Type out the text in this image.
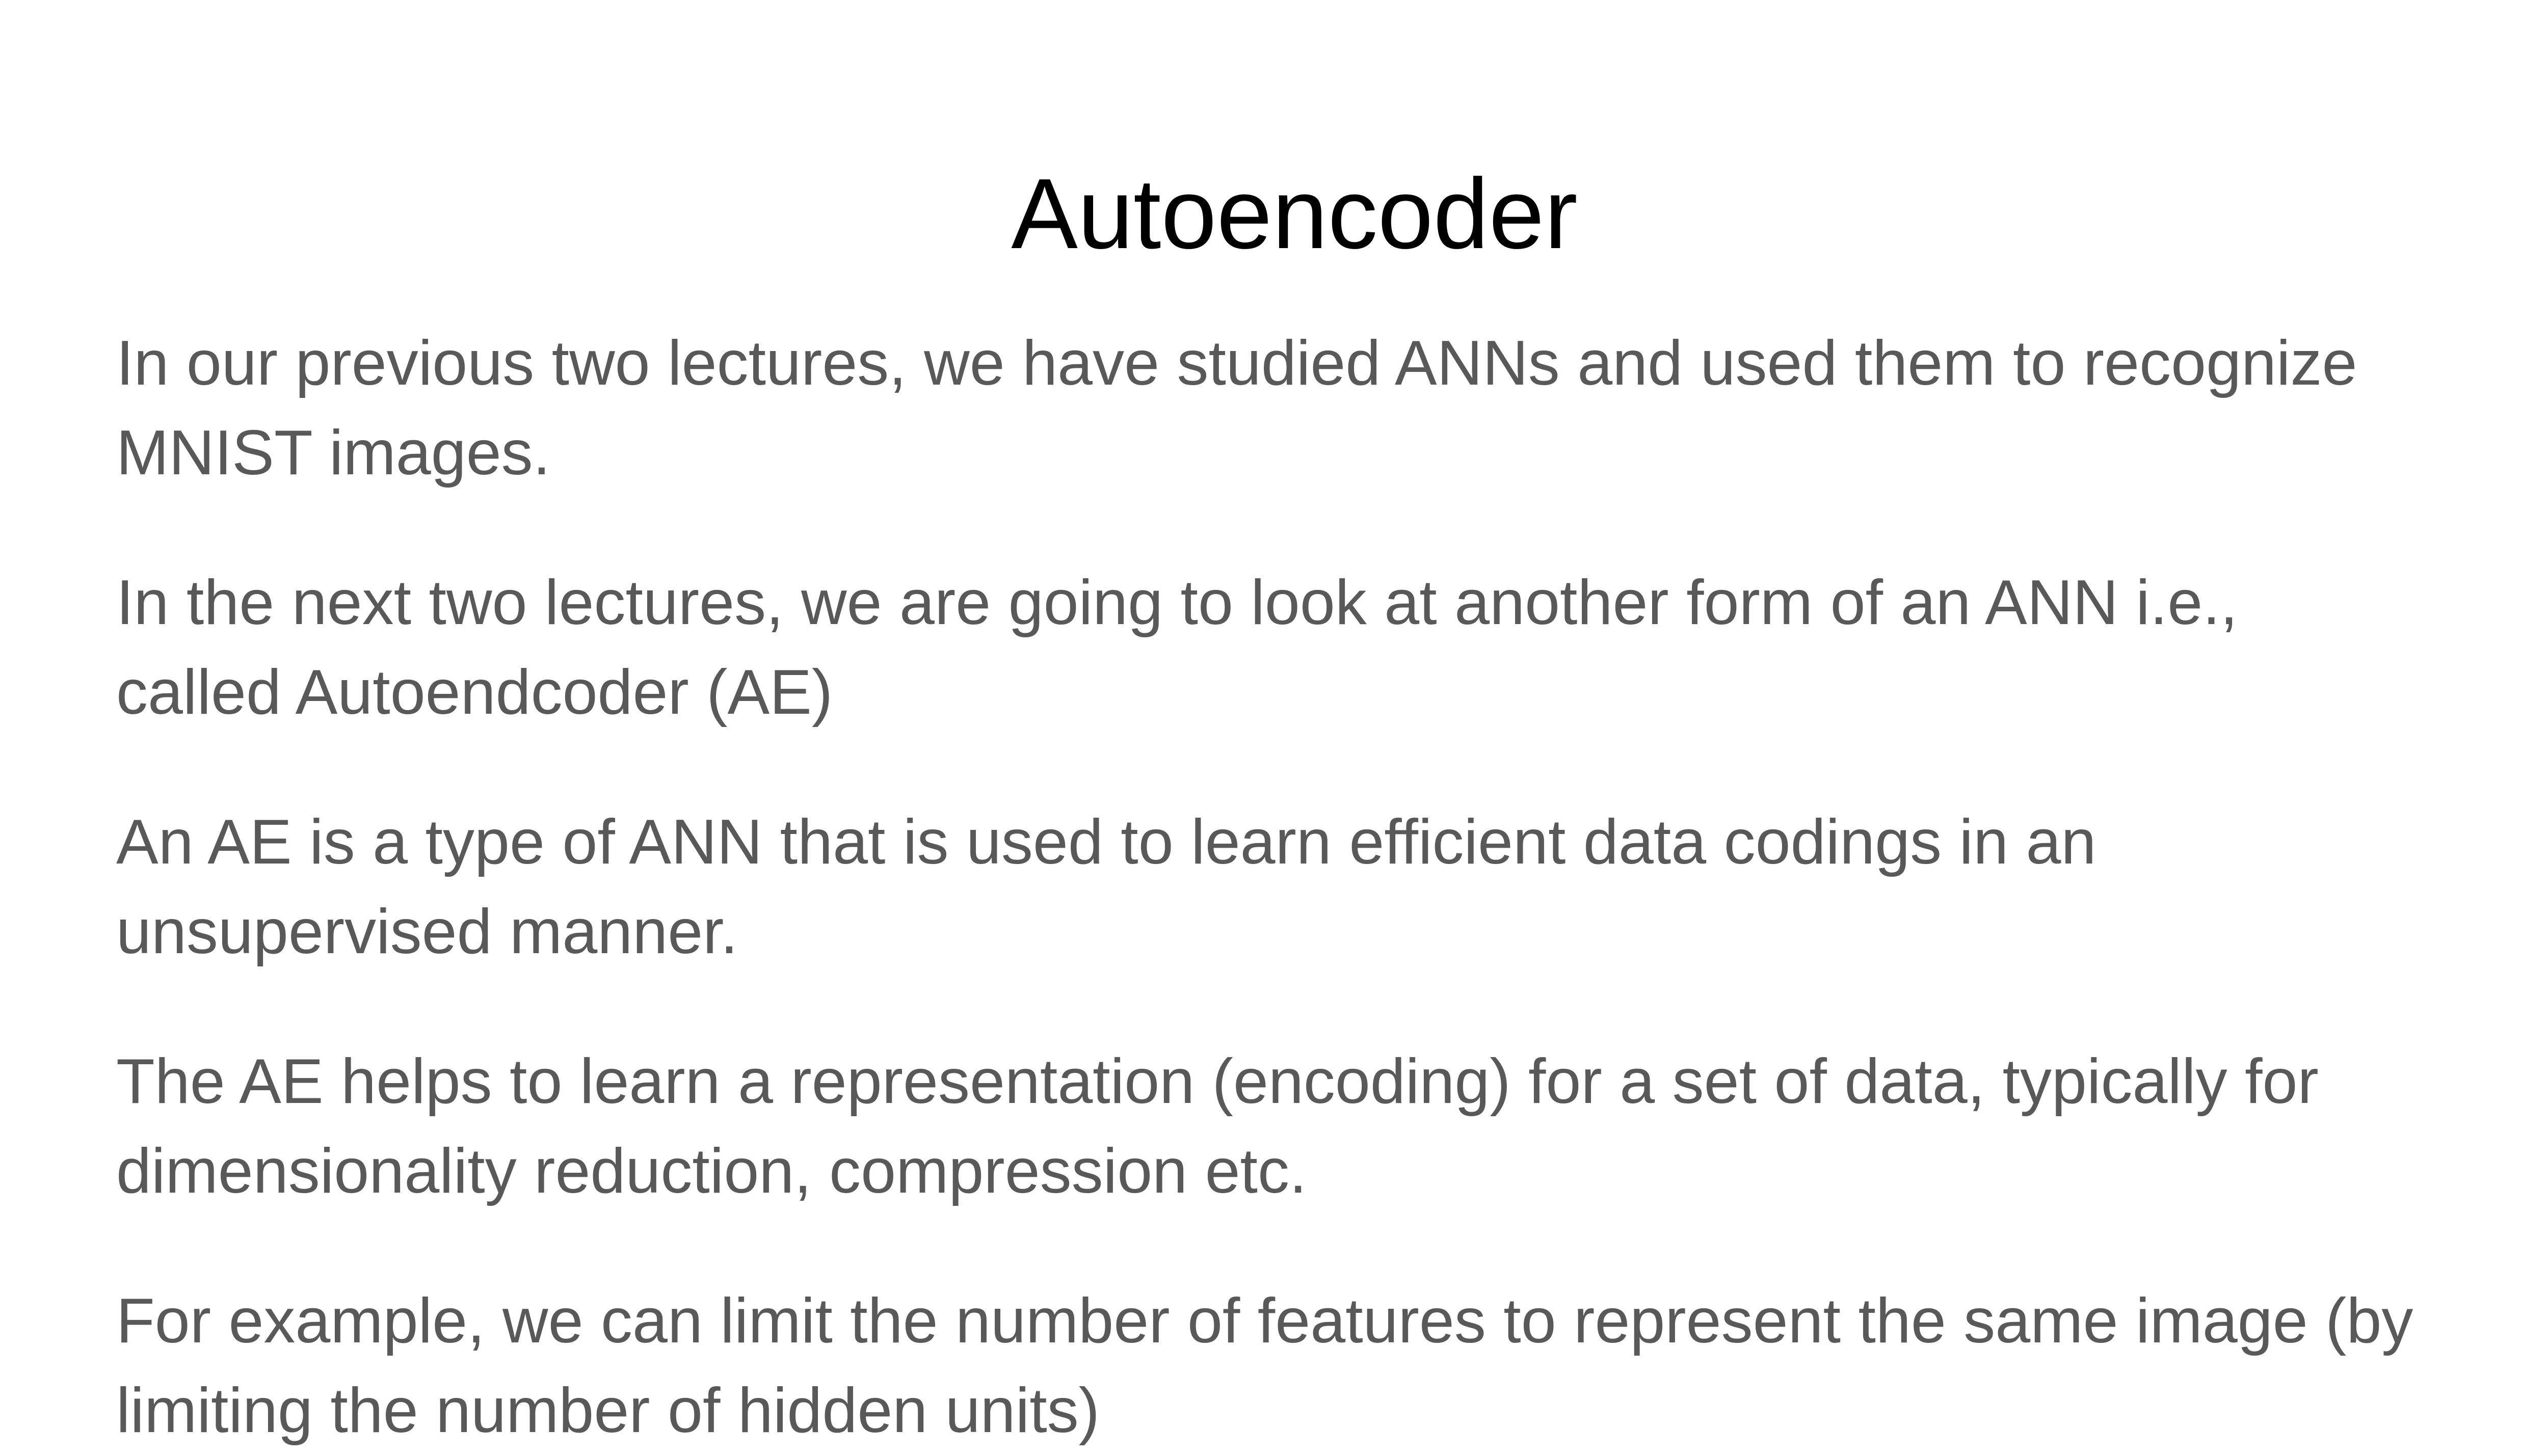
Autoencoder

In our previous two lectures, we have studied ANNs and used them to recognize
MNIST images.

In the next two lectures, we are going to look at another form of an ANN i.e.,
called Autoendcoder (AE)

An AE is a type of ANN that is used to learn efficient data codings in an
unsupervised manner.

The AE helps to learn a representation (encoding) for a set of data, typically for
dimensionality reduction, compression etc.

For example, we can limit the number of features to represent the same image (by
limiting the number of hidden units)
